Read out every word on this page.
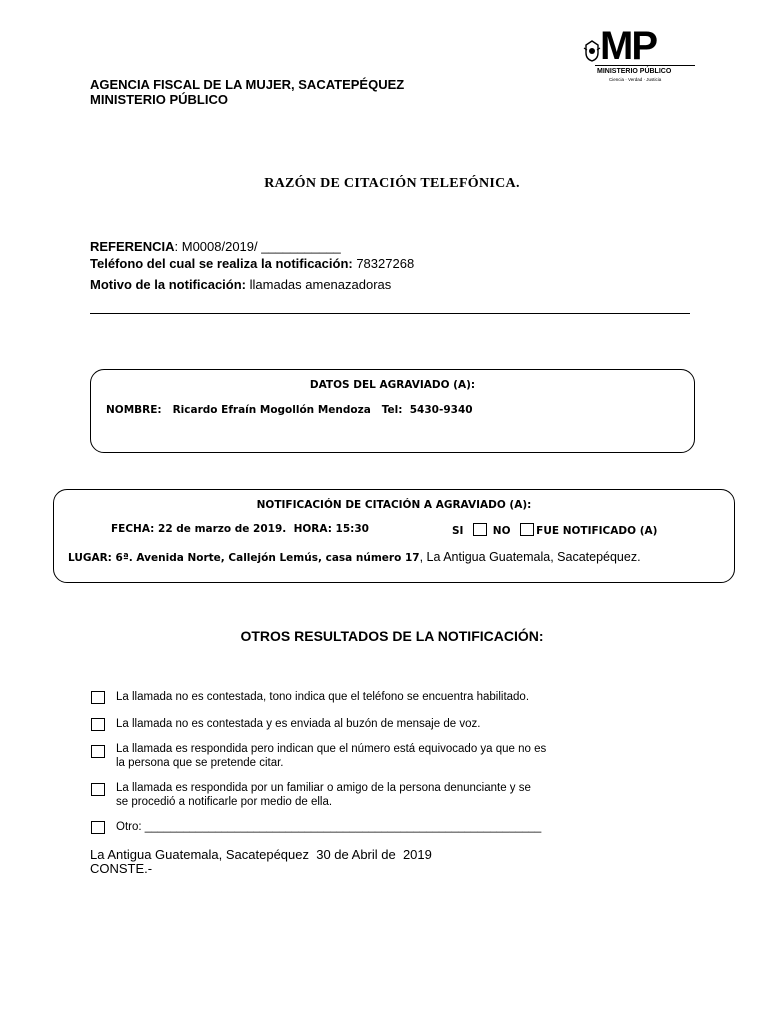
AGENCIA FISCAL DE LA MUJER, SACATEPÉQUEZ
MINISTERIO PÚBLICO
MP
MINISTERIO PÚBLICO
Ciencia · Verdad · Justicia
RAZÓN DE CITACIÓN TELEFÓNICA.
REFERENCIA: M0008/2019/ ___________
Teléfono del cual se realiza la notificación: 78327268
Motivo de la notificación: llamadas amenazadoras
DATOS DEL AGRAVIADO (A):
NOMBRE:   Ricardo Efraín Mogollón Mendoza   Tel:  5430-9340
NOTIFICACIÓN DE CITACIÓN A AGRAVIADO (A):
FECHA: 22 de marzo de 2019.  HORA: 15:30	SI	NO FUE NOTIFICADO (A)
LUGAR: 6ª. Avenida Norte, Callejón Lemús, casa número 17, La Antigua Guatemala, Sacatepéquez.
OTROS RESULTADOS DE LA NOTIFICACIÓN:
La llamada no es contestada, tono indica que el teléfono se encuentra habilitado.
La llamada no es contestada y es enviada al buzón de mensaje de voz.
La llamada es respondida pero indican que el número está equivocado ya que no es
la persona que se pretende citar.
La llamada es respondida por un familiar o amigo de la persona denunciante y se
se procedió a notificarle por medio de ella.
Otro: ______________________________________________________________
La Antigua Guatemala, Sacatepéquez  30 de Abril de  2019
CONSTE.-
